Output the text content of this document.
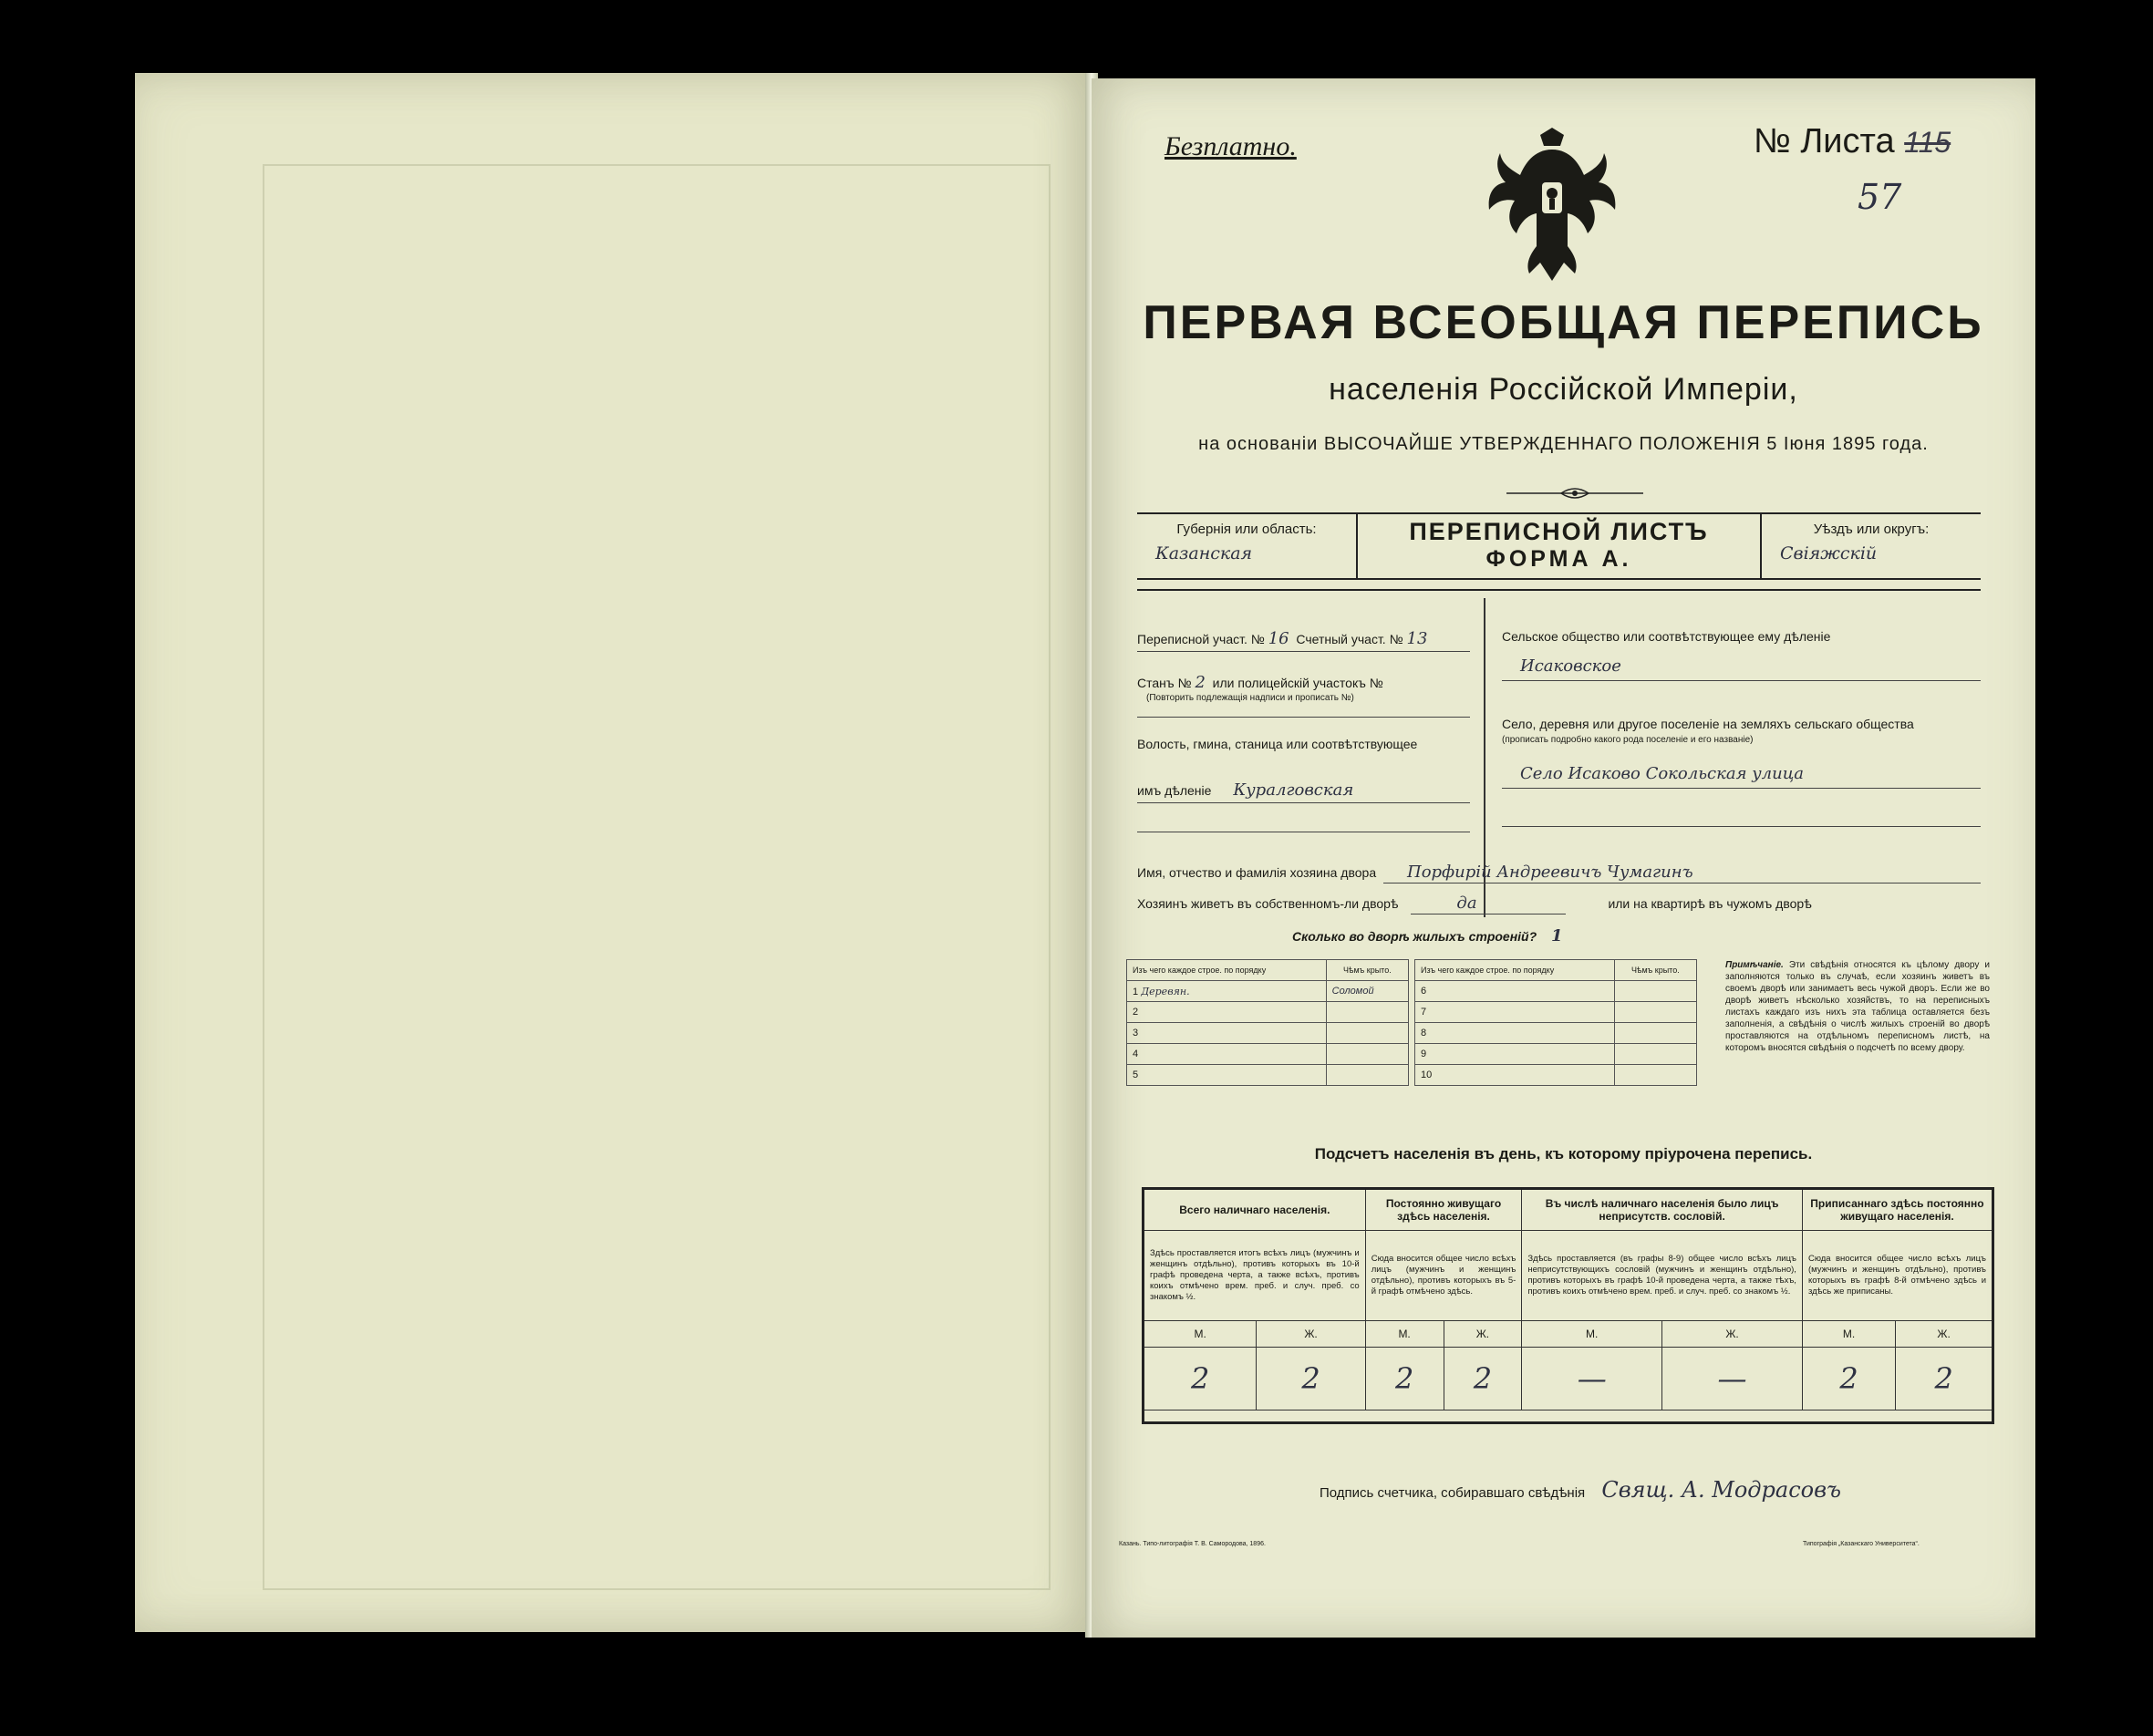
Безплатно.	№ Листа 115
57
ПЕРВАЯ ВСЕОБЩАЯ ПЕРЕПИСЬ
населенія Россійской Имперіи,
на основаніи ВЫСОЧАЙШЕ УТВЕРЖДЕННАГО ПОЛОЖЕНІЯ 5 Іюня 1895 года.
Губернія или область:
Казанская
ПЕРЕПИСНОЙ ЛИСТЪ
ФОРМА А.
Уѣздъ или округъ:
Свіяжскій
Переписной участ. № 16 Счетный участ. № 13
Станъ № 2 или полицейскій участокъ №
(Повторить подлежащія надписи и прописать №)
Волость, гмина, станица или соотвѣтствующее
имъ дѣленіе Куралговская
Сельское общество или соотвѣтствующее ему дѣленіе
Исаковское
Село, деревня или другое поселеніе на земляхъ сельскаго общества
(прописать подробно какого рода поселеніе и его названіе)
Село Исаково Сокольская улица
Имя, отчество и фамилія хозяина двора Порфирій Андреевичъ Чумагинъ
Хозяинъ живетъ въ собственномъ-ли дворѣ	да	или на квартирѣ въ чужомъ дворѣ
Сколько во дворѣ жилыхъ строеній? 1
Изъ чего каждое строе. по порядку	Чѣмъ крыто.
1 Деревян.	Соломой
2	
3	
4	
5	
Изъ чего каждое строе. по порядку	Чѣмъ крыто.
6	
7	
8	
9	
10	
Примѣчаніе. Эти свѣдѣнія относятся къ цѣлому двору и заполняются только въ случаѣ, если хозяинъ живетъ въ своемъ дворѣ или занимаетъ весь чужой дворъ. Если же во дворѣ живетъ нѣсколько хозяйствъ, то на переписныхъ листахъ каждаго изъ нихъ эта таблица оставляется безъ заполненія, а свѣдѣнія о числѣ жилыхъ строеній во дворѣ проставляются на отдѣльномъ переписномъ листѣ, на которомъ вносятся свѣдѣнія о подсчетѣ по всему двору.
Подсчетъ населенія въ день, къ которому пріурочена перепись.
Всего наличнаго населенія.		Постоянно живущаго здѣсь населенія.		Въ числѣ наличнаго населенія было лицъ неприсутств. сословій.		Приписаннаго здѣсь постоянно живущаго населенія.	
Здѣсь проставляется итогъ всѣхъ лицъ (мужчинъ и женщинъ отдѣльно), противъ которыхъ въ 10-й графѣ проведена черта, а также всѣхъ, противъ коихъ отмѣчено врем. преб. и случ. преб. со знакомъ ½.		Сюда вносится общее число всѣхъ лицъ (мужчинъ и женщинъ отдѣльно), противъ которыхъ въ 5-й графѣ отмѣчено здѣсь.		Здѣсь проставляется (въ графы 8-9) общее число всѣхъ лицъ неприсутствующихъ сословій (мужчинъ и женщинъ отдѣльно), противъ которыхъ въ графѣ 10-й проведена черта, а также тѣхъ, противъ коихъ отмѣчено врем. преб. и случ. преб. со знакомъ ½.		Сюда вносится общее число всѣхъ лицъ (мужчинъ и женщинъ отдѣльно), противъ которыхъ въ графѣ 8-й отмѣчено здѣсь и здѣсь же приписаны.	
М.	Ж.	М.	Ж.	М.	Ж.	М.	Ж.
2	2	2	2	—	—	2	2

Подпись счетчика, собиравшаго свѣдѣнія Свящ. А. Модрасовъ
Казань. Типо-литографія Т. В. Самородова, 1896.	Типографія „Казанскаго Университета“.
